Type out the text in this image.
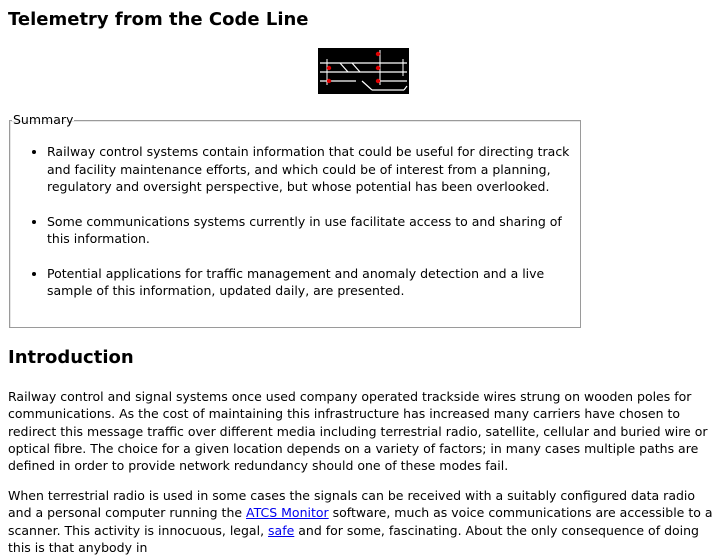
Telemetry from the Code Line
Summary
• Railway control systems contain information that could be useful for directing track and facility maintenance efforts, and which could be of interest from a planning, regulatory and oversight perspective, but whose potential has been overlooked.
• Some communications systems currently in use facilitate access to and sharing of this information.
• Potential applications for traffic management and anomaly detection and a live sample of this information, updated daily, are presented.
Introduction

Railway control and signal systems once used company operated trackside wires strung on wooden poles for communications. As the cost of maintaining this infrastructure has increased many carriers have chosen to redirect this message traffic over different media including terrestrial radio, satellite, cellular and buried wire or optical fibre. The choice for a given location depends on a variety of factors; in many cases multiple paths are defined in order to provide network redundancy should one of these modes fail.

When terrestrial radio is used in some cases the signals can be received with a suitably configured data radio and a personal computer running the ATCS Monitor software, much as voice communications are accessible to a scanner. This activity is innocuous, legal, safe and for some, fascinating. About the only consequence of doing this is that anybody in
